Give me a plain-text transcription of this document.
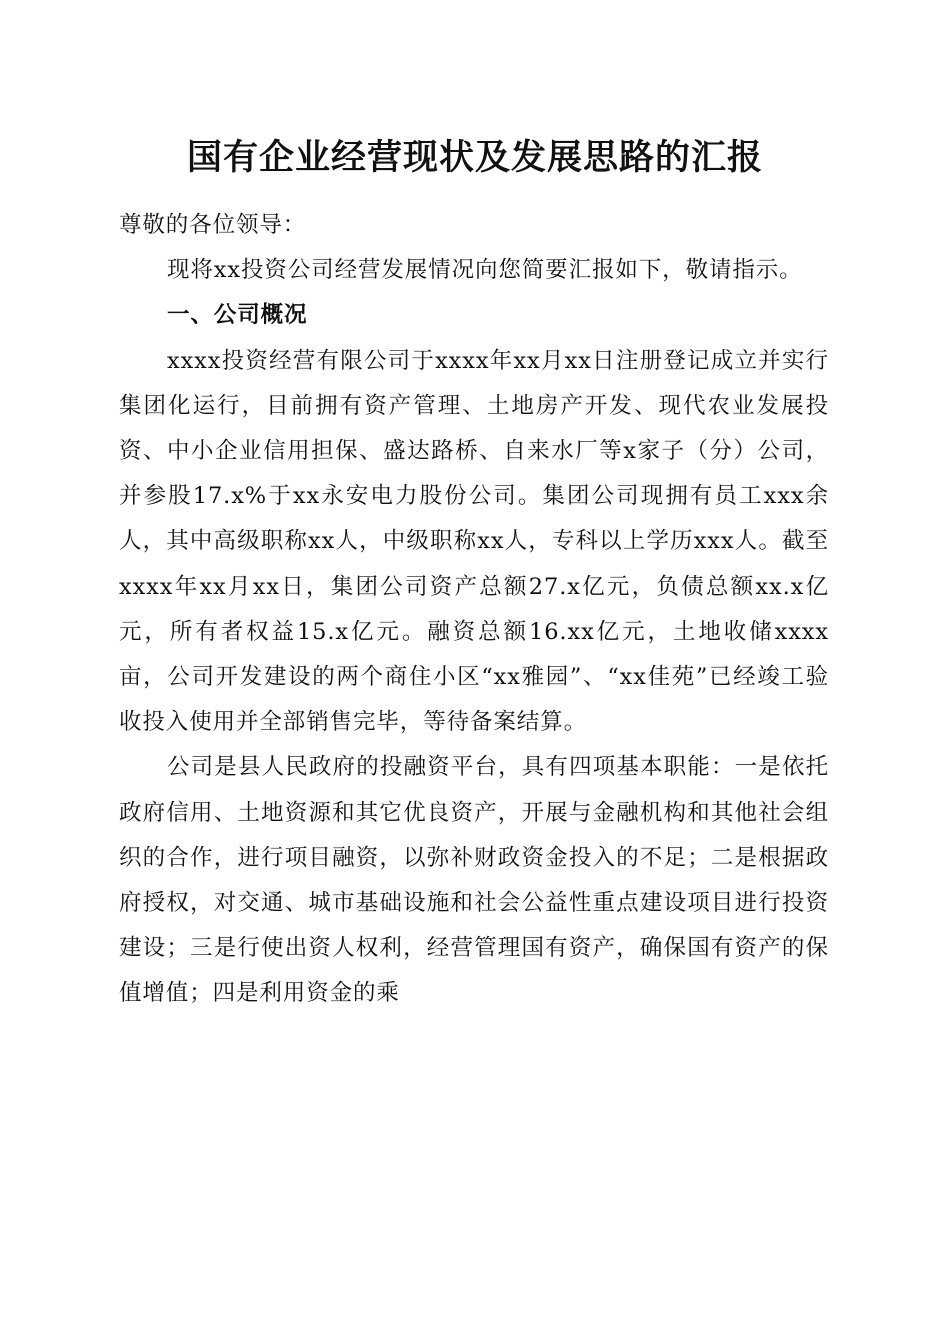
国有企业经营现状及发展思路的汇报

尊敬的各位领导：

现将xx投资公司经营发展情况向您简要汇报如下，敬请指示。

一、公司概况

xxxx投资经营有限公司于xxxx年xx月xx日注册登记成立并实行集团化运行，目前拥有资产管理、土地房产开发、现代农业发展投资、中小企业信用担保、盛达路桥、自来水厂等x家子（分）公司，并参股17.x%于xx永安电力股份公司。集团公司现拥有员工xxx余人，其中高级职称xx人，中级职称xx人，专科以上学历xxx人。截至xxxx年xx月xx日，集团公司资产总额27.x亿元，负债总额xx.x亿元，所有者权益15.x亿元。融资总额16.xx亿元，土地收储xxxx亩，公司开发建设的两个商住小区“xx雅园”、“xx佳苑”已经竣工验收投入使用并全部销售完毕，等待备案结算。

公司是县人民政府的投融资平台，具有四项基本职能：一是依托政府信用、土地资源和其它优良资产，开展与金融机构和其他社会组织的合作，进行项目融资，以弥补财政资金投入的不足；二是根据政府授权，对交通、城市基础设施和社会公益性重点建设项目进行投资建设；三是行使出资人权利，经营管理国有资产，确保国有资产的保值增值；四是利用资金的乘
